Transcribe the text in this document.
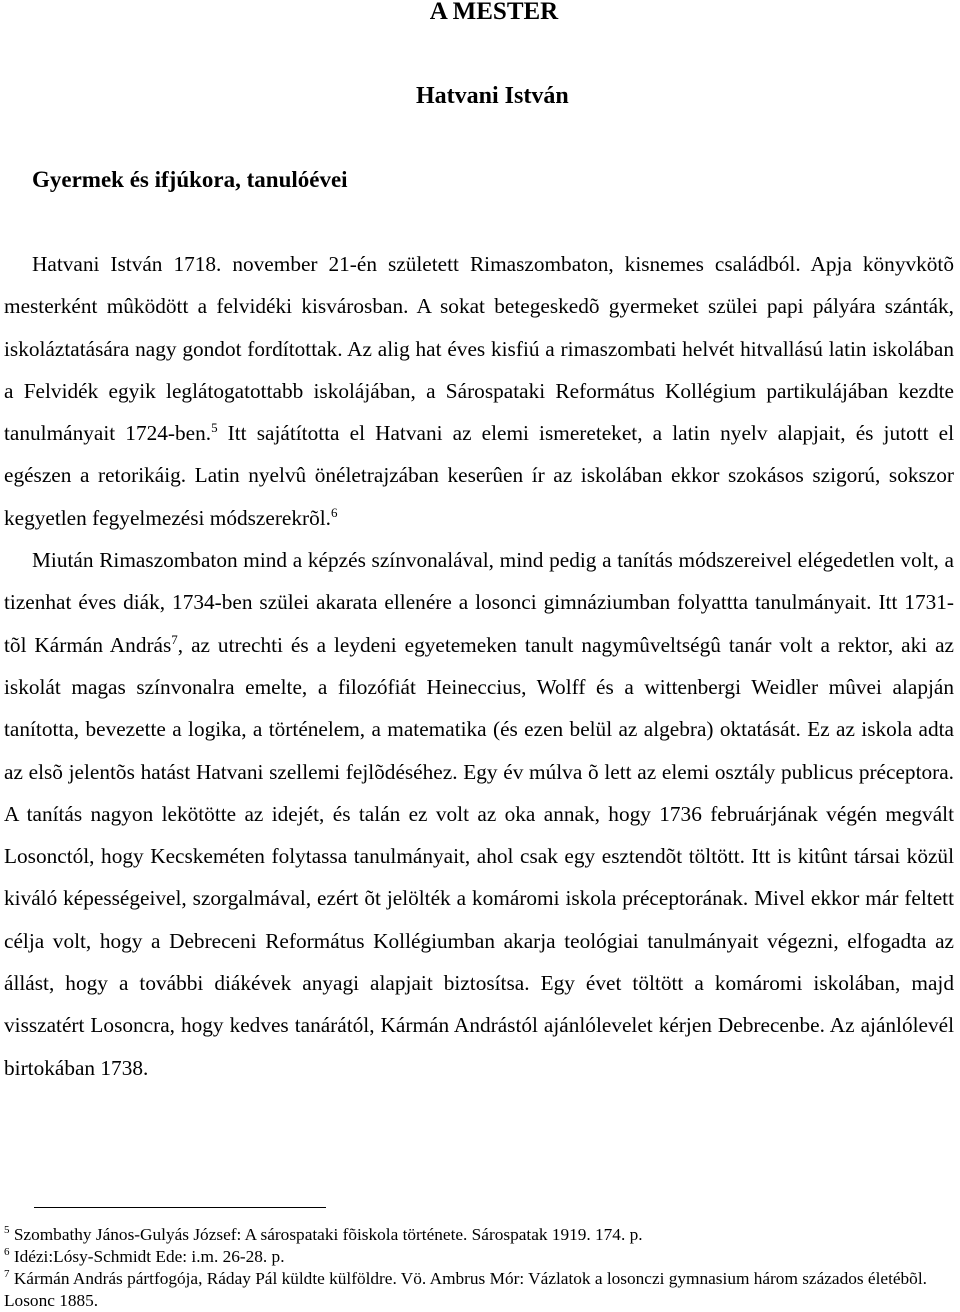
A MESTER
Hatvani István
Gyermek és ifjúkora, tanulóévei

Hatvani István 1718. november 21-én született Rimaszombaton, kisnemes családból. Apja könyvkötõ mesterként mûködött a felvidéki kisvárosban. A sokat betegeskedõ gyermeket szülei papi pályára szánták, iskoláztatására nagy gondot fordítottak. Az alig hat éves kisfiú a rimaszombati helvét hitvallású latin iskolában a Felvidék egyik leglátogatottabb iskolájában, a Sárospataki Református Kollégium partikulájában kezdte tanulmányait 1724-ben.$^5$ Itt sajátította el Hatvani az elemi ismereteket, a latin nyelv alapjait, és jutott el egészen a retorikáig. Latin nyelvû önéletrajzában keserûen ír az iskolában ekkor szokásos szigorú, sokszor kegyetlen fegyelmezési módszerekrõl.$^6$

Miután Rimaszombaton mind a képzés színvonalával, mind pedig a tanítás módszereivel elégedetlen volt, a tizenhat éves diák, 1734-ben szülei akarata ellenére a losonci gimnáziumban folyattta tanulmányait. Itt 1731-tõl Kármán András$^7$, az utrechti és a leydeni egyetemeken tanult nagymûveltségû tanár volt a rektor, aki az iskolát magas színvonalra emelte, a filozófiát Heineccius, Wolff és a wittenbergi Weidler mûvei alapján tanította, bevezette a logika, a történelem, a matematika (és ezen belül az algebra) oktatását. Ez az iskola adta az elsõ jelentõs hatást Hatvani szellemi fejlõdéséhez. Egy év múlva õ lett az elemi osztály publicus préceptora. A tanítás nagyon lekötötte az idejét, és talán ez volt az oka annak, hogy 1736 februárjának végén megvált Losonctól, hogy Kecskeméten folytassa tanulmányait, ahol csak egy esztendõt töltött. Itt is kitûnt társai közül kiváló képességeivel, szorgalmával, ezért õt jelölték a komáromi iskola préceptorának. Mivel ekkor már feltett célja volt, hogy a Debreceni Református Kollégiumban akarja teológiai tanulmányait végezni, elfogadta az állást, hogy a további diákévek anyagi alapjait biztosítsa. Egy évet töltött a komáromi iskolában, majd visszatért Losoncra, hogy kedves tanárától, Kármán Andrástól ajánlólevelet kérjen Debrecenbe. Az ajánlólevél birtokában 1738.

$^5$ Szombathy János-Gulyás József: A sárospataki fõiskola története. Sárospatak 1919. 174. p.

$^6$ Idézi:Lósy-Schmidt Ede: i.m. 26-28. p.

$^7$ Kármán András pártfogója, Ráday Pál küldte külföldre. Vö. Ambrus Mór: Vázlatok a losonczi gymnasium három százados életébõl. Losonc 1885.
